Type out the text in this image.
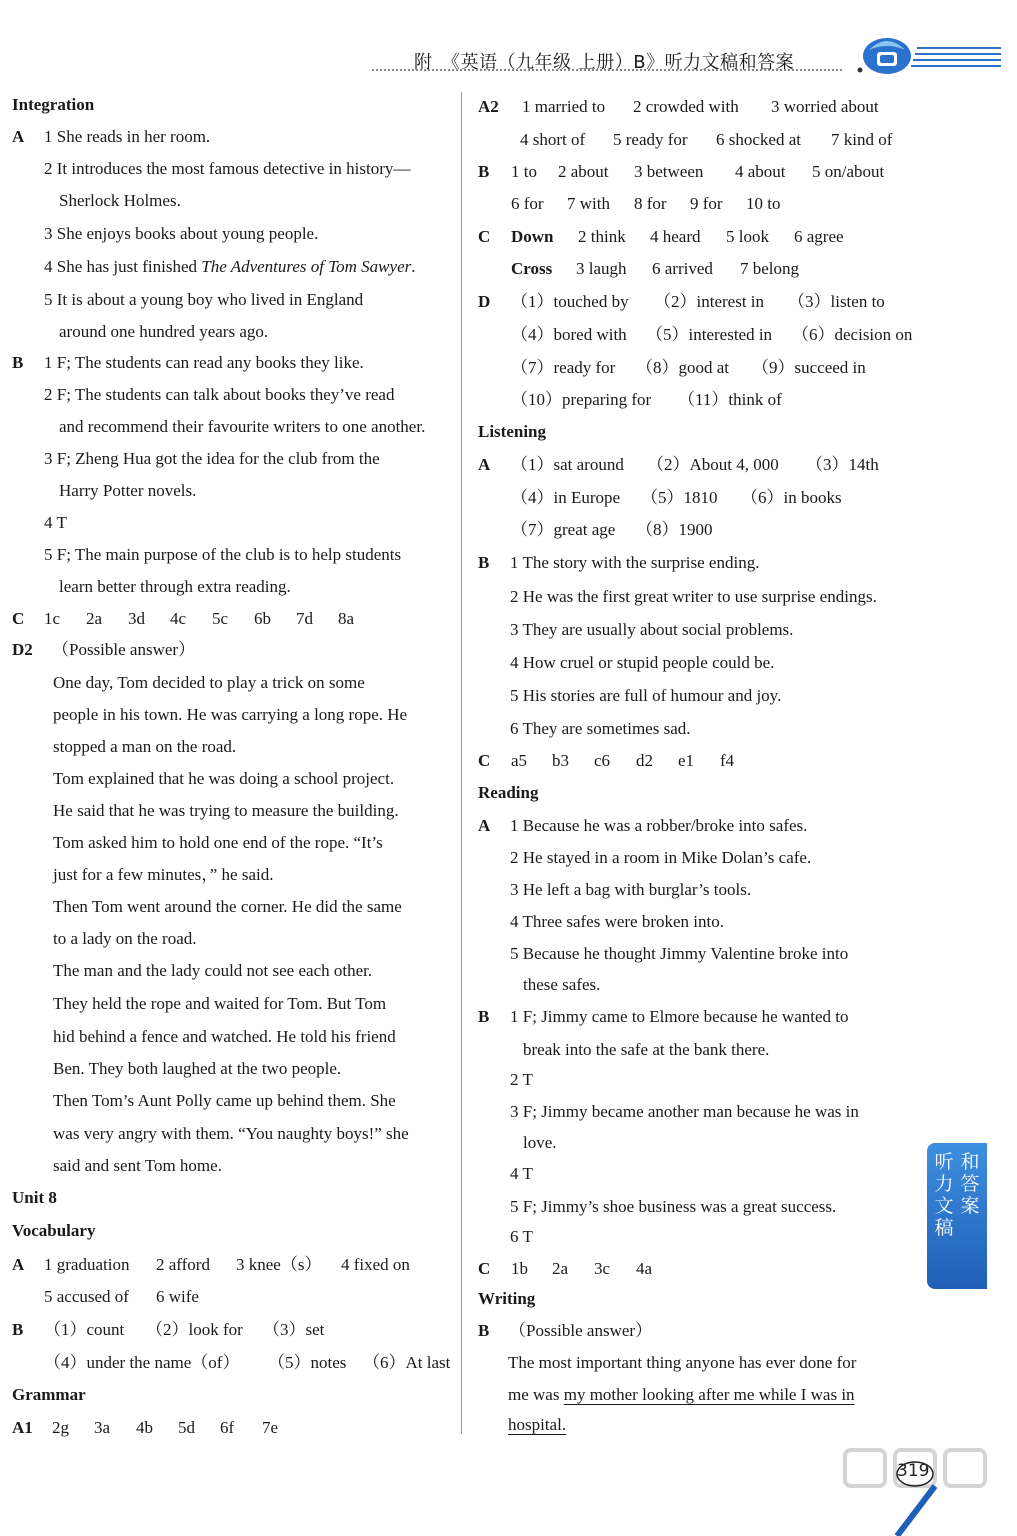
附　《英语（九年级 上册）B》听力文稿和答案
Integration
A 1 She reads in her room.
2 It introduces the most famous detective in history—
Sherlock Holmes.
3 She enjoys books about young people.
4 She has just finished The Adventures of Tom Sawyer.
5 It is about a young boy who lived in England
around one hundred years ago.
B 1 F; The students can read any books they like.
2 F; The students can talk about books they’ve read
and recommend their favourite writers to one another.
3 F; Zheng Hua got the idea for the club from the
Harry Potter novels.
4 T
5 F; The main purpose of the club is to help students
learn better through extra reading.
C 1c 2a 3d 4c 5c 6b 7d 8a
D2 （Possible answer）
One day, Tom decided to play a trick on some
people in his town. He was carrying a long rope. He
stopped a man on the road.
Tom explained that he was doing a school project.
He said that he was trying to measure the building.
Tom asked him to hold one end of the rope. “It’s
just for a few minutes，” he said.
Then Tom went around the corner. He did the same
to a lady on the road.
The man and the lady could not see each other.
They held the rope and waited for Tom. But Tom
hid behind a fence and watched. He told his friend
Ben. They both laughed at the two people.
Then Tom’s Aunt Polly came up behind them. She
was very angry with them. “You naughty boys!” she
said and sent Tom home.
Unit 8
Vocabulary
A 1 graduation 2 afford 3 knee（s） 4 fixed on
5 accused of 6 wife
B （1）count （2）look for （3）set
（4）under the name（of） （5）notes （6）At last
Grammar
A1 2g 3a 4b 5d 6f 7e
A2 1 married to 2 crowded with 3 worried about
4 short of 5 ready for 6 shocked at 7 kind of
B 1 to 2 about 3 between 4 about 5 on/about
6 for 7 with 8 for 9 for 10 to
C Down 2 think 4 heard 5 look 6 agree
Cross 3 laugh 6 arrived 7 belong
D （1）touched by （2）interest in （3）listen to
（4）bored with （5）interested in （6）decision on
（7）ready for （8）good at （9）succeed in
（10）preparing for （11）think of
Listening
A （1）sat around （2）About 4, 000 （3）14th
（4）in Europe （5）1810 （6）in books
（7）great age （8）1900
B 1 The story with the surprise ending.
2 He was the first great writer to use surprise endings.
3 They are usually about social problems.
4 How cruel or stupid people could be.
5 His stories are full of humour and joy.
6 They are sometimes sad.
C a5 b3 c6 d2 e1 f4
Reading
A 1 Because he was a robber/broke into safes.
2 He stayed in a room in Mike Dolan’s cafe.
3 He left a bag with burglar’s tools.
4 Three safes were broken into.
5 Because he thought Jimmy Valentine broke into
these safes.
B 1 F; Jimmy came to Elmore because he wanted to
break into the safe at the bank there.
2 T
3 F; Jimmy became another man because he was in
love.
4 T
5 F; Jimmy’s shoe business was a great success.
6 T
C 1b 2a 3c 4a
Writing
B （Possible answer）
The most important thing anyone has ever done for
me was my mother looking after me while I was in
hospital.
听
力
文
稿
和
答
案
319
